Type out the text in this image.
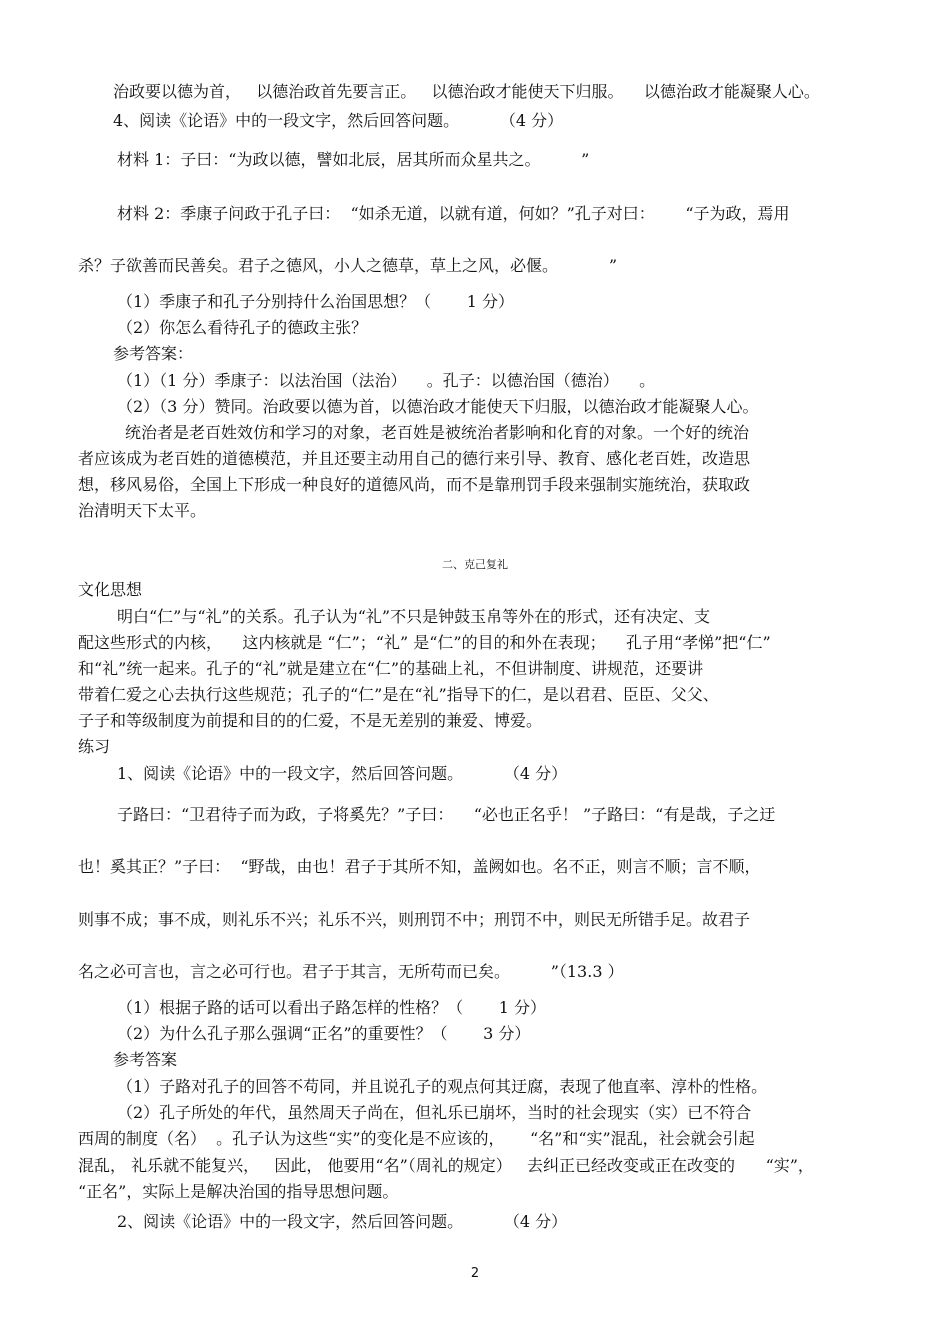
治政要以德为首，   以德治政首先要言正。   以德治政才能使天下归服。    以德治政才能凝聚人心。
4、阅读《论语》中的一段文字，然后回答问题。        （4 分）
材料 1：子曰：“为政以德，譬如北辰，居其所而众星共之。        ”
材料 2：季康子问政于孔子曰：  “如杀无道，以就有道，何如？”孔子对曰：      “子为政，焉用
杀？子欲善而民善矣。君子之德风，小人之德草，草上之风，必偃。          ”
（1）季康子和孔子分别持什么治国思想？（       1 分）
（2）你怎么看待孔子的德政主张？
参考答案：
（1）（1 分）季康子：以法治国（法治）    。孔子：以德治国（德治）    。
（2）（3 分）赞同。治政要以德为首，以德治政才能使天下归服，以德治政才能凝聚人心。
统治者是老百姓效仿和学习的对象，老百姓是被统治者影响和化育的对象。一个好的统治
者应该成为老百姓的道德模范，并且还要主动用自己的德行来引导、教育、感化老百姓，改造思
想，移风易俗，全国上下形成一种良好的道德风尚，而不是靠刑罚手段来强制实施统治，获取政
治清明天下太平。
二、克己复礼
文化思想
明白“仁”与“礼”的关系。孔子认为“礼”不只是钟鼓玉帛等外在的形式，还有决定、支
配这些形式的内核，    这内核就是 “仁”；“礼” 是“仁”的目的和外在表现；    孔子用“孝悌”把“仁”
和“礼”统一起来。孔子的“礼”就是建立在“仁”的基础上礼，不但讲制度、讲规范，还要讲
带着仁爱之心去执行这些规范；孔子的“仁”是在“礼”指导下的仁，是以君君、臣臣、父父、
子子和等级制度为前提和目的的仁爱，不是无差别的兼爱、博爱。
练习
1、阅读《论语》中的一段文字，然后回答问题。        （4 分）
子路曰：“卫君待子而为政，子将奚先？”子曰：    “必也正名乎！ ”子路曰：“有是哉，子之迂
也！奚其正？”子曰：  “野哉，由也！君子于其所不知，盖阙如也。名不正，则言不顺；言不顺，
则事不成；事不成，则礼乐不兴；礼乐不兴，则刑罚不中；刑罚不中，则民无所错手足。故君子
名之必可言也，言之必可行也。君子于其言，无所苟而已矣。        ”（13.3 ）
（1）根据子路的话可以看出子路怎样的性格？（       1 分）
（2）为什么孔子那么强调“正名”的重要性？（       3 分）
参考答案
（1）子路对孔子的回答不苟同，并且说孔子的观点何其迂腐，表现了他直率、淳朴的性格。
（2）孔子所处的年代，虽然周天子尚在，但礼乐已崩坏，当时的社会现实（实）已不符合
西周的制度（名）  。孔子认为这些“实”的变化是不应该的，     “名”和“实”混乱，社会就会引起
混乱， 礼乐就不能复兴，   因此， 他要用“名”（周礼的规定）   去纠正已经改变或正在改变的      “实”，
“正名”，实际上是解决治国的指导思想问题。
2、阅读《论语》中的一段文字，然后回答问题。        （4 分）
2
